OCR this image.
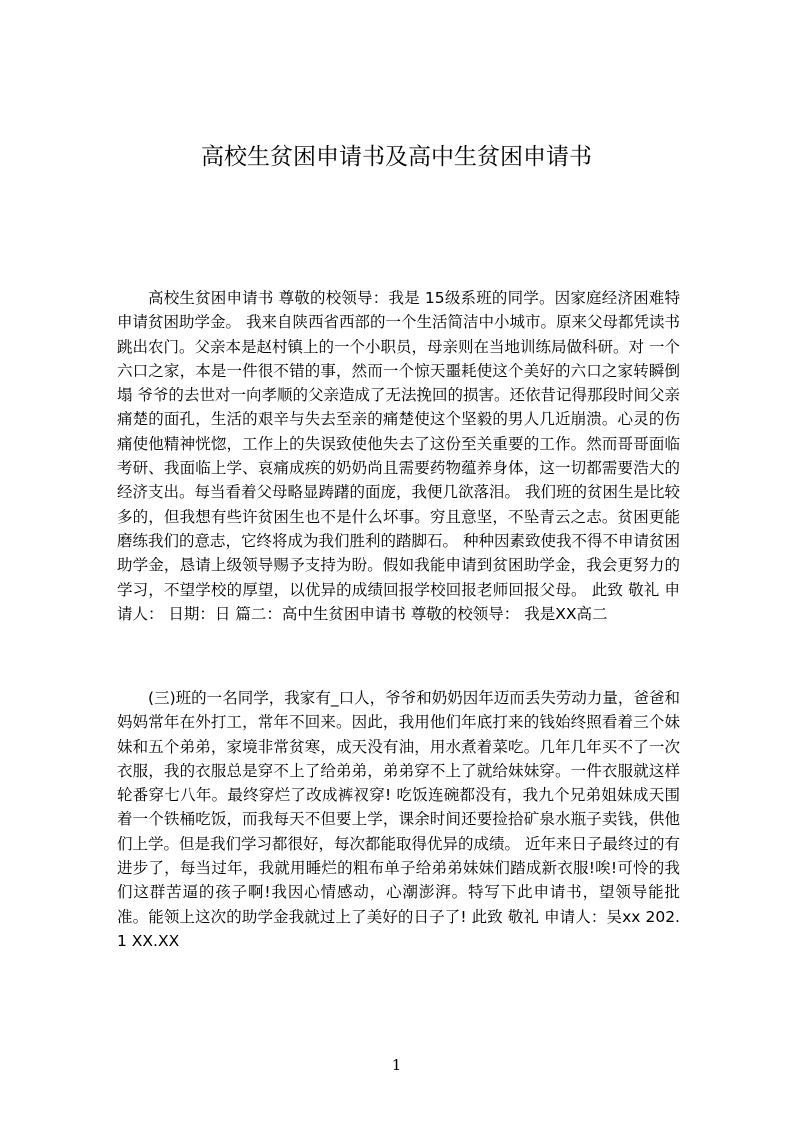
高校生贫困申请书及高中生贫困申请书

高校生贫困申请书 尊敬的校领导：我是 15级系班的同学。因家庭经济困难特申请贫困助学金。 我来自陕西省西部的一个生活简洁中小城市。原来父母都凭读书跳出农门。父亲本是赵村镇上的一个小职员，母亲则在当地训练局做科研。对 一个六口之家，本是一件很不错的事，然而一个惊天噩耗使这个美好的六口之家转瞬倒塌 爷爷的去世对一向孝顺的父亲造成了无法挽回的损害。还依昔记得那段时间父亲痛楚的面孔，生活的艰辛与失去至亲的痛楚使这个坚毅的男人几近崩溃。心灵的伤痛使他精神恍惚，工作上的失误致使他失去了这份至关重要的工作。然而哥哥面临考研、我面临上学、哀痛成疾的奶奶尚且需要药物蕴养身体，这一切都需要浩大的经济支出。每当看着父母略显踌躇的面庞，我便几欲落泪。 我们班的贫困生是比较多的，但我想有些许贫困生也不是什么坏事。穷且意坚，不坠青云之志。贫困更能磨练我们的意志，它终将成为我们胜利的踏脚石。 种种因素致使我不得不申请贫困助学金，恳请上级领导赐予支持为盼。假如我能申请到贫困助学金，我会更努力的学习，不望学校的厚望，以优异的成绩回报学校回报老师回报父母。 此致 敬礼 申请人： 日期：日 篇二：高中生贫困申请书 尊敬的校领导： 我是XX高二

(三)班的一名同学，我家有_口人，爷爷和奶奶因年迈而丢失劳动力量，爸爸和妈妈常年在外打工，常年不回来。因此，我用他们年底打来的钱始终照看着三个妹妹和五个弟弟，家境非常贫寒，成天没有油，用水煮着菜吃。几年几年买不了一次衣服，我的衣服总是穿不上了给弟弟，弟弟穿不上了就给妹妹穿。一件衣服就这样轮番穿七八年。最终穿烂了改成裤衩穿! 吃饭连碗都没有，我九个兄弟姐妹成天围着一个铁桶吃饭，而我每天不但要上学，课余时间还要捡拾矿泉水瓶子卖钱，供他们上学。但是我们学习都很好，每次都能取得优异的成绩。 近年来日子最终过的有进步了，每当过年，我就用睡烂的粗布单子给弟弟妹妹们踏成新衣服!唉!可怜的我们这群苦逼的孩子啊!我因心情感动，心潮澎湃。特写下此申请书，望领导能批准。能领上这次的助学金我就过上了美好的日子了! 此致 敬礼 申请人：吴xx 202.1 XX.XX

1
